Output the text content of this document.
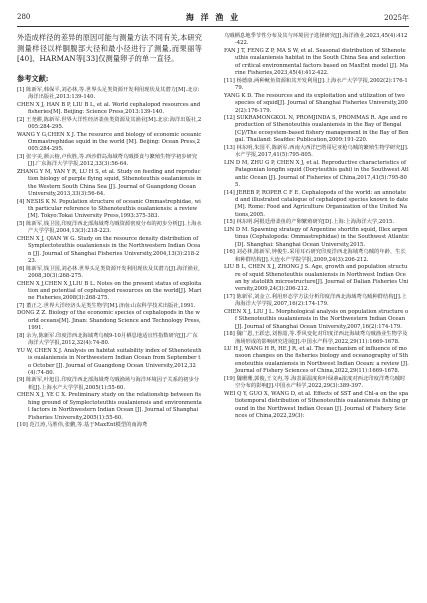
280	海 洋 渔 业	2025年

外造成样径的差异的原因可能与测量方法不同有关,本研究测量样径以样胴腹部大径和最小径进行了测量,而果丽等[40]、HARMAN等[33]仅测量卵子的单一直径。

参考文献:

[1] 陈新军,韩保平,刘必林,等.世界头足类资源开发利用现状及其潜力[M].北京:海洋出版社,2013:139-140.

CHEN X J, HAN B P, LIU B L, et al. World cephalopod resources and fisheries[M]. Beijing: Science Press,2013:139-140.

[2] 王尧耕,陈新军.世界大洋性经济柔鱼类资源及其渔业[M].北京:海洋出版社,2005:284-295.

WANG Y G,CHEN X J. The resource and biology of economic oceanic Ommastrephidae squid in the world [M]. Beijing: Ocean Press,2005:284-295.

[3] 张宇美,颜云榕,卢伙胜,等.西沙群岛海域鸢乌贼摄食与繁殖生物学初步研究[J].广东海洋大学学报,2012,33(3):56-64.

ZHANG Y M, YAN Y R, LU H S, et al. Study on feeding and reproduction biology of purple flying squid, Sthenoteuthis oualaniensis in the Western South China Sea [J]. Journal of Guangdong Ocean University,2013,33(3):56-64.

[4] NESIS K N. Population structure of oceanic Ommastrephidae, with particular reference to Sthenoteuthis oualaniensis: a review[M]. Tokyo:Tokai University Press,1993:375-383.

[5] 陈新军,钱卫国,印度洋西北部海域鸢乌贼资源密度分布的初步分析[J].上海水产大学学报,2004,13(3):218-223.

CHEN X J, QIAN W G. Study on the resource density distribution of Symplectoteuthis oualaniensis in the Northwestern Indian Ocean [J]. Journal of Shanghai Fisheries University,2004,13(3):218-223.

[6] 陈新军,钱卫国,刘必林.世界头足类资源开发利用现状及其潜力[J].海洋渔业,2008,30(3):268-275.

CHEN X J,CHEN X J,LIU B L. Notes on the present status of exploitation and potential of cephalopod resources on the world[J]. Marine Fisheries,2008(3):268-275.

[7] 董正之.世界大洋经济头足类生物学[M].济南:山东科学技术出版社,1991.

DONG Z Z. Biology of the economic species of cephalopods in the world oceans[M]. Jinan: Shandong Science and Technology Press,1991.

[8] 余为,陈新军.印度洋西北海域鸢乌贼9-10月栖息地适宜性指数研究[J].广东海洋大学学报,2012,32(4):74-80.

YU W, CHEN X J. Analysis on habitat suitability index of Sthenoteuthis oualaniensis in Northwestern Indian Ocean from September to October [J]. Journal of Guangdong Ocean University,2012,32(4):74-80.

[9] 陈新军,叶旭昌.印度洋西北部海域鸢乌贼渔场与海洋环境因子关系的初步分析[J].上海水产大学学报,2005(1):55-60.

CHEN X J, YE C X. Preliminary study on the relationship between fishing ground of Symplectoteuthis oualaniensis and environmental factors in Northwestern Indian Ocean [J]. Journal of Shanghai Fisheries University,2005(1):55-60.

[10] 范江涛,马胜伟,张鹏,等.基于MaxEnt模型的南海鸢

乌贼栖息地季节性分布及其与环境因子选择研究[J].海洋渔业,2023,45(4):412-422.

FAN J T, FENG Z P, MA S W, et al. Seasonal distribution of Sthenoteuthis oualaniensis habitat in the South China Sea and selection of critical environmental factors based on MaxEnt model [J]. Marine Fisheries,2023,45(4):412-422.

[11] 杨德康.两种鱿鱼资源和其开发利用[J].上海水产大学学报,2002(2):176-179.

YANG K D. The resources and its exploitation and utilization of two species of squid[J]. Journal of Shanghai Fisheries University,2002(2):176-179.

[12] SUKRAMONGKOL N, PROMJINDA S, PROMMAS R. Age and reproduction of Sthenoteuthis oualaniensis in the Bay of Bengal [C]//The ecosystem-based fishery management in the Bay of Bengal. Thailand: Seafdec Publication,2009:191-220.

[13] 林东明,朱国平,陈新军.西南大西洋巴塔哥尼亚枪乌贼的繁殖生物学研究[J].水产学报,2017,41(5):795-805.

LIN D M, ZHU G P, CHEN X J, et al. Reproductive characteristics of Patagonian longfin squid (Doryteuthis gahi) in the Southwest Atlantic Ocean [J]. Journal of Fisheries of China,2017,41(5):795-805.

[14] JEREB P, ROPER C F E. Cephalopods of the world: an annotated and illustrated catalogue of cephalopod species known to date [M]. Rome: Food and Agriculture Organization of the United Nations,2005.

[15] 林东明.阿根廷滑柔鱼的产卵繁殖研究[D].上海:上海海洋大学,2015.

LIN D M. Spawning strategy of Argentine shortfin squid, Illex argentinus (Cephalopoda: Ommastrephidae) in the Southwest Atlantic [D]. Shanghai: Shanghai Ocean University,2015.

[16] 刘必林,陈新军,钟俊生.采用耳石研究印度洋西北海域鸢乌贼的年龄、生长和种群结构[J].大连水产学院学报,2009,24(3):206-212.

LIU B L, CHEN X J, ZHONG J S. Age, growth and population structure of squid Sthenoteuthis oualaniensis in Northwest Indian Ocean by statolith microstructure[J]. Journal of Dalian Fisheries University,2009,24(3):206-212.

[17] 陈新军,刘金立.利用形态学方法分析印度洋西北海域鸢乌贼种群结构[J].上海海洋大学学报,2007,16(2):174-179.

CHEN X J, LIU J L. Morphological analysis on population structure of Sthenoteuthis oualaniensis in the Northwestern Indian Ocean[J]. Journal of Shanghai Ocean University,2007,16(2):174-179.

[18] 魏广恩,王跃忠,刘鲁韶,等.季风变化对印度洋西北海域鸢乌贼渔业生物学及渔场形成的影响研究进展[J].中国水产科学,2022,29(11):1669-1678.

LU H J, WANG H R, HE J R, et al. The mechanism of influence of monsoon changes on the fisheries biology and oceanography of Sthenoteuthis oualaniensis in Northwest Indian Ocean: a review [J]. Journal of Fishery Sciences of China,2022,29(11):1669-1678.

[19] 魏珊珊,郭俊,王文冉,等.海表面温度和叶绿素a浓度对西北印度洋鸢乌贼时空分布的影响[J].中国水产科学,2022,29(3):389-397.

WEI Q Y, GUO X, WANG D, et al. Effects of SST and Chl-a on the spatiotemporal distribution of Sthenoteuthis oualaniensis fishing ground in the Northwest Indian Ocean [J]. Journal of Fishery Sciences of China,2022,29(3):
